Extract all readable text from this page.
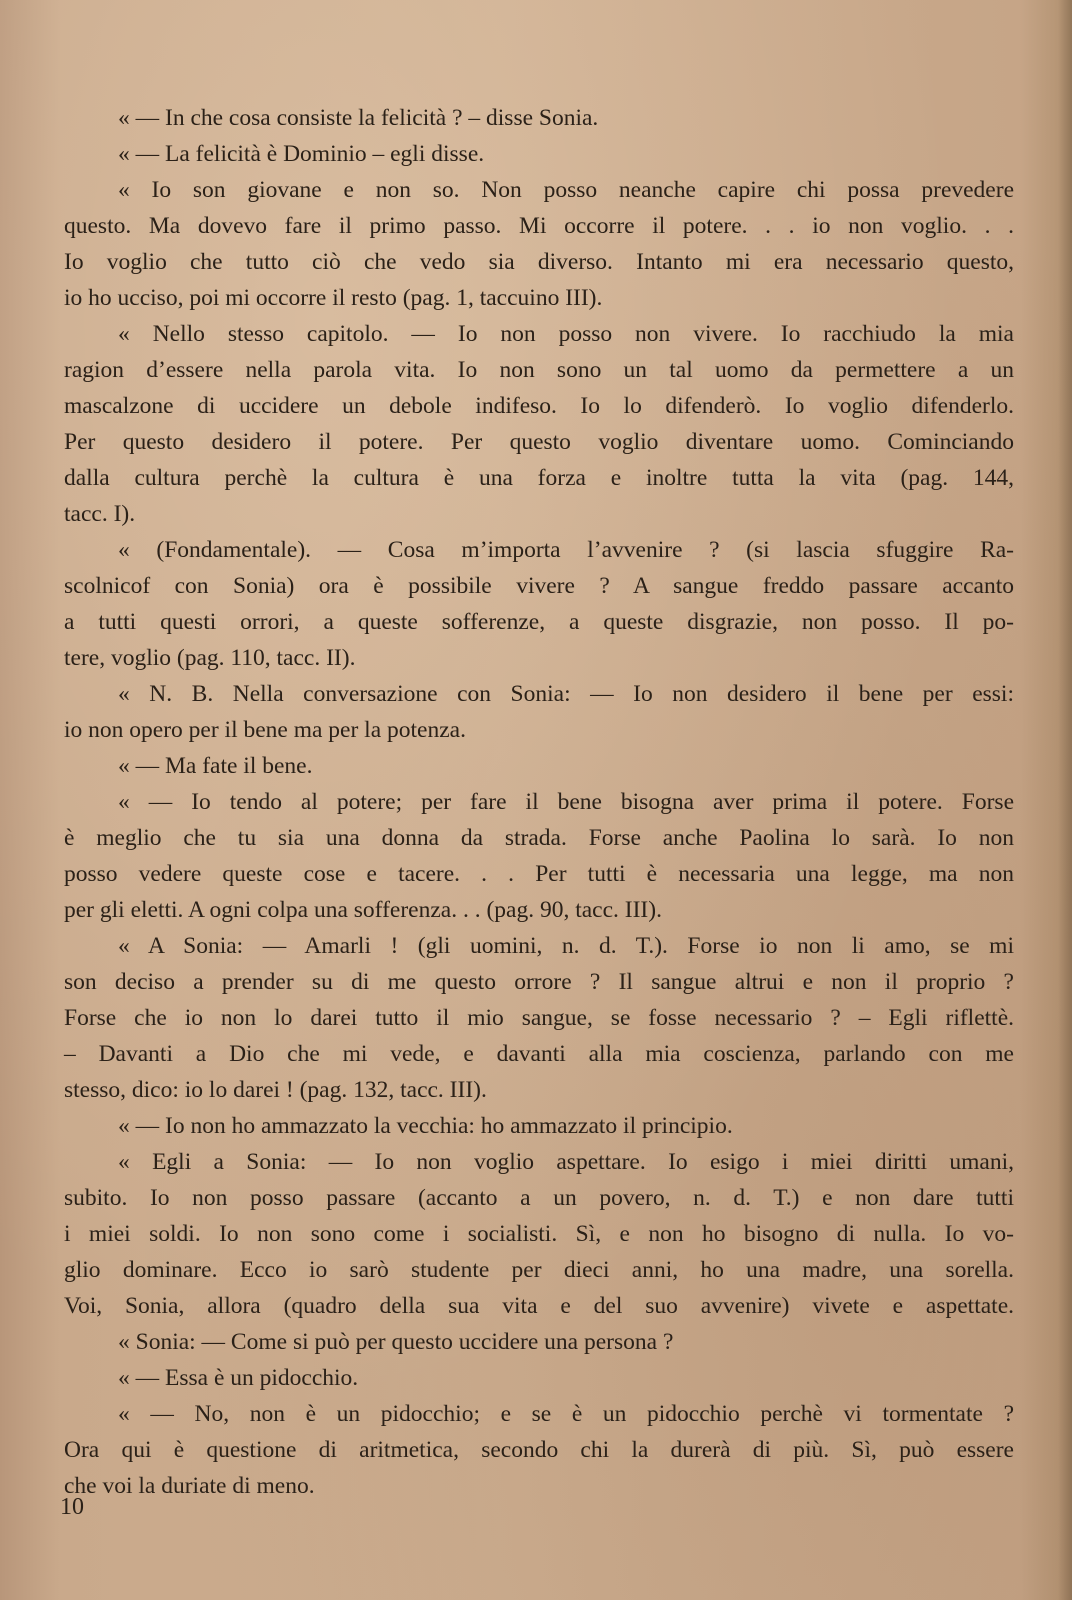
« — In che cosa consiste la felicità ? – disse Sonia.
« — La felicità è Dominio – egli disse.
« Io son giovane e non so. Non posso neanche capire chi possa prevedere
questo. Ma dovevo fare il primo passo. Mi occorre il potere. . . io non voglio. . .
Io voglio che tutto ciò che vedo sia diverso. Intanto mi era necessario questo,
io ho ucciso, poi mi occorre il resto (pag. 1, taccuino III).
« Nello stesso capitolo. — Io non posso non vivere. Io racchiudo la mia
ragion d’essere nella parola vita. Io non sono un tal uomo da permettere a un
mascalzone di uccidere un debole indifeso. Io lo difenderò. Io voglio difenderlo.
Per questo desidero il potere. Per questo voglio diventare uomo. Cominciando
dalla cultura perchè la cultura è una forza e inoltre tutta la vita (pag. 144,
tacc. I).
« (Fondamentale). — Cosa m’importa l’avvenire ? (si lascia sfuggire Ra-
scolnicof con Sonia) ora è possibile vivere ? A sangue freddo passare accanto
a tutti questi orrori, a queste sofferenze, a queste disgrazie, non posso. Il po-
tere, voglio (pag. 110, tacc. II).
« N. B. Nella conversazione con Sonia: — Io non desidero il bene per essi:
io non opero per il bene ma per la potenza.
« — Ma fate il bene.
« — Io tendo al potere; per fare il bene bisogna aver prima il potere. Forse
è meglio che tu sia una donna da strada. Forse anche Paolina lo sarà. Io non
posso vedere queste cose e tacere. . . Per tutti è necessaria una legge, ma non
per gli eletti. A ogni colpa una sofferenza. . . (pag. 90, tacc. III).
« A Sonia: — Amarli ! (gli uomini, n. d. T.). Forse io non li amo, se mi
son deciso a prender su di me questo orrore ? Il sangue altrui e non il proprio ?
Forse che io non lo darei tutto il mio sangue, se fosse necessario ? – Egli riflettè.
– Davanti a Dio che mi vede, e davanti alla mia coscienza, parlando con me
stesso, dico: io lo darei ! (pag. 132, tacc. III).
« — Io non ho ammazzato la vecchia: ho ammazzato il principio.
« Egli a Sonia: — Io non voglio aspettare. Io esigo i miei diritti umani,
subito. Io non posso passare (accanto a un povero, n. d. T.) e non dare tutti
i miei soldi. Io non sono come i socialisti. Sì, e non ho bisogno di nulla. Io vo-
glio dominare. Ecco io sarò studente per dieci anni, ho una madre, una sorella.
Voi, Sonia, allora (quadro della sua vita e del suo avvenire) vivete e aspettate.
« Sonia: — Come si può per questo uccidere una persona ?
« — Essa è un pidocchio.
« — No, non è un pidocchio; e se è un pidocchio perchè vi tormentate ?
Ora qui è questione di aritmetica, secondo chi la durerà di più. Sì, può essere
che voi la duriate di meno.
10
